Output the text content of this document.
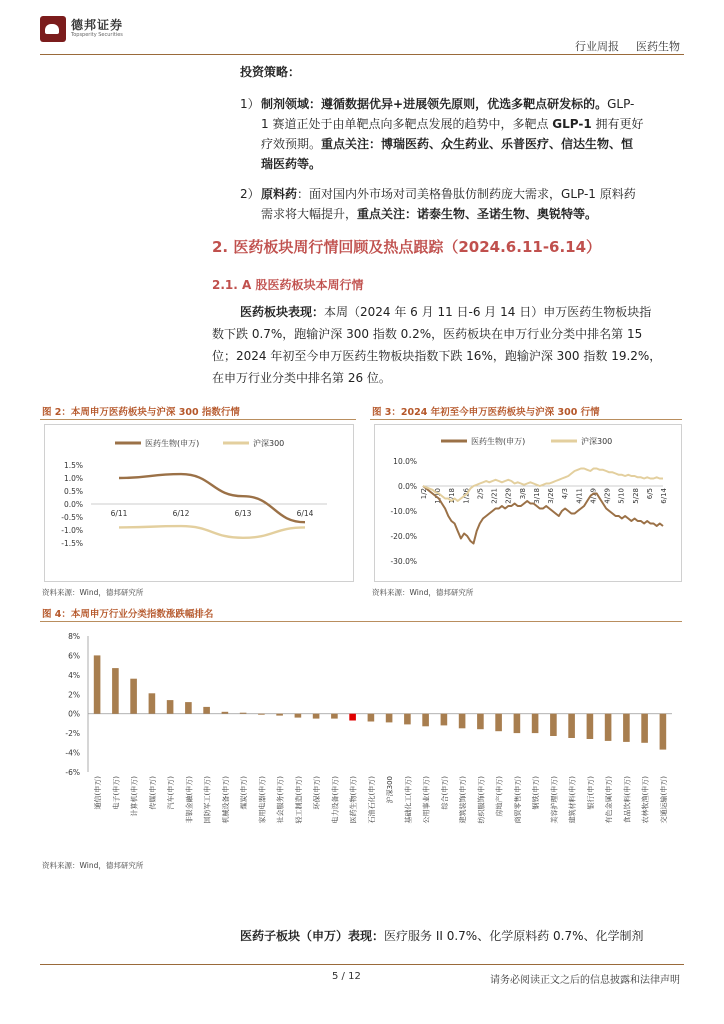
德邦证券
Topsperity Securities
行业周报 医药生物
投资策略：
1） 制剂领域：遵循数据优异+进展领先原则，优选多靶点研发标的。GLP-
1 赛道正处于由单靶点向多靶点发展的趋势中，多靶点 GLP-1 拥有更好
疗效预期。重点关注：博瑞医药、众生药业、乐普医疗、信达生物、恒
瑞医药等。
2） 原料药：面对国内外市场对司美格鲁肽仿制药庞大需求，GLP-1 原料药
需求将大幅提升，重点关注：诺泰生物、圣诺生物、奥锐特等。
2. 医药板块周行情回顾及热点跟踪（2024.6.11-6.14）
2.1. A 股医药板块本周行情
医药板块表现：本周（2024 年 6 月 11 日-6 月 14 日）申万医药生物板块指
数下跌 0.7%，跑输沪深 300 指数 0.2%，医药板块在申万行业分类中排名第 15
位；2024 年初至今申万医药生物板块指数下跌 16%，跑输沪深 300 指数 19.2%，
在申万行业分类中排名第 26 位。
图 2：本周申万医药板块与沪深 300 指数行情
医药生物(申万)	沪深300
1.5%
1.0%
0.5%
0.0%
-0.5%
-1.0%
-1.5%
6/11	6/12	6/13	6/14
资料来源：Wind，德邦研究所
图 3：2024 年初至今申万医药板块与沪深 300 行情
医药生物(申万)	沪深300
10.0%
0.0%
-10.0%
-20.0%
-30.0%
1/2 1/10 1/18 1/26 2/5 2/21 2/29 3/8 3/18 3/26 4/3 4/11 4/19 4/29 5/10 5/28 6/5 6/14
资料来源：Wind，德邦研究所
图 4：本周申万行业分类指数涨跌幅排名
8%
6%
4%
2%
0%
-2%
-4%
-6%
通信(申万) 电子(申万) 计算机(申万) 传媒(申万) 汽车(申万) 非银金融(申万) 国防军工(申万) 机械设备(申万) 煤炭(申万) 家用电器(申万) 社会服务(申万) 轻工制造(申万) 环保(申万) 电力设备(申万) 医药生物(申万) 石油石化(申万) 沪深300 基础化工(申万) 公用事业(申万) 综合(申万) 建筑装饰(申万) 纺织服饰(申万) 房地产(申万) 商贸零售(申万) 钢铁(申万) 美容护理(申万) 建筑材料(申万) 银行(申万) 有色金属(申万) 食品饮料(申万) 农林牧渔(申万) 交通运输(申万)
资料来源：Wind，德邦研究所
医药子板块（申万）表现：医疗服务 II 0.7%、化学原料药 0.7%、化学制剂
5 / 12	请务必阅读正文之后的信息披露和法律声明
